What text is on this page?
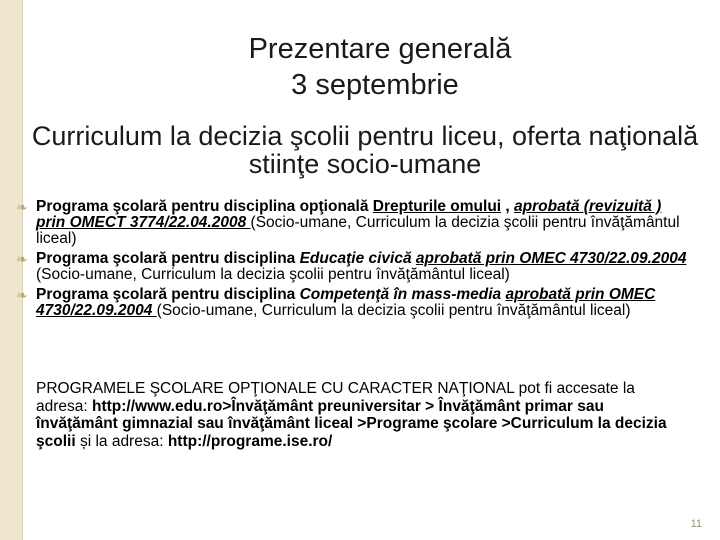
Prezentare generală
3 septembrie
Curriculum la decizia şcolii pentru liceu, oferta naţională stiinţe socio-umane
❧ Programa şcolară pentru disciplina opţională Drepturile omului , aprobată (revizuită ) prin OMECT 3774/22.04.2008 (Socio-umane, Curriculum la decizia şcolii pentru învăţământul liceal)
❧ Programa şcolară pentru disciplina Educaţie civică aprobată prin OMEC 4730/22.09.2004 (Socio-umane, Curriculum la decizia şcolii pentru învăţământul liceal)
❧ Programa şcolară pentru disciplina Competenţă în mass-media aprobată prin OMEC 4730/22.09.2004 (Socio-umane, Curriculum la decizia şcolii pentru învăţământul liceal)

PROGRAMELE ŞCOLARE OPŢIONALE CU CARACTER NAŢIONAL pot fi accesate la adresa: http://www.edu.ro>Învăţământ preuniversitar > Învăţământ primar sau învăţământ gimnazial sau învăţământ liceal >Programe şcolare >Curriculum la decizia şcolii și la adresa: http://programe.ise.ro/

11
